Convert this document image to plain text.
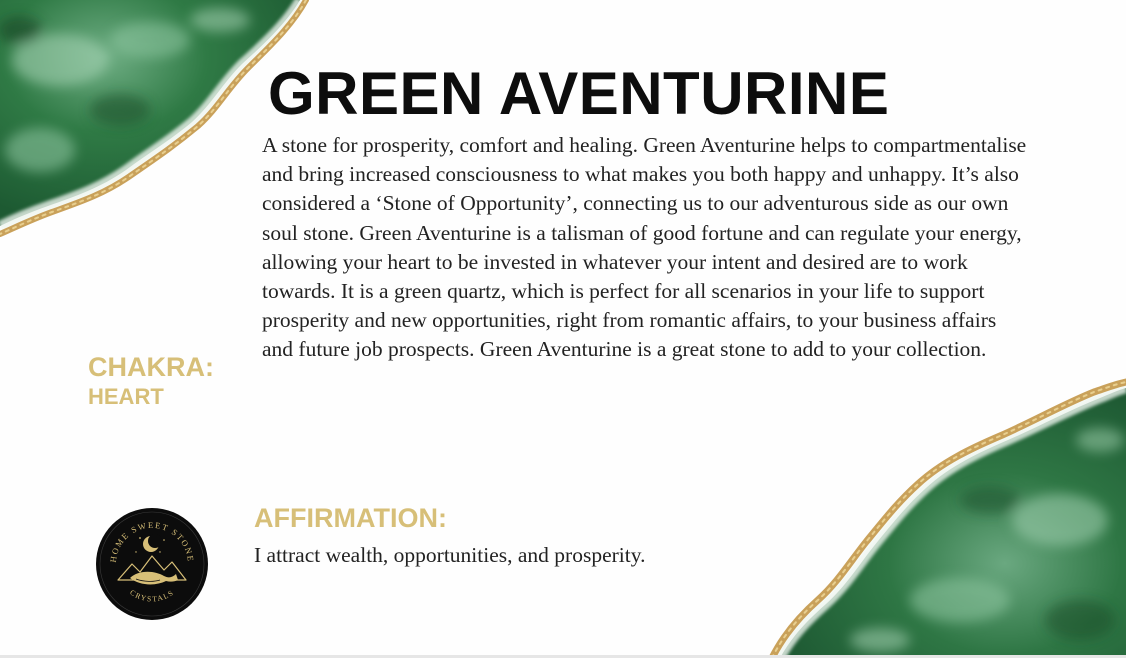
GREEN AVENTURINE

A stone for prosperity, comfort and healing. Green Aventurine helps to compartmentalise and bring increased consciousness to what makes you both happy and unhappy. It’s also considered a ‘Stone of Opportunity’, connecting us to our adventurous side as our own soul stone. Green Aventurine is a talisman of good fortune and can regulate your energy, allowing your heart to be invested in whatever your intent and desired are to work towards. It is a green quartz, which is perfect for all scenarios in your life to support prosperity and new opportunities, right from romantic affairs, to your business affairs and future job prospects. Green Aventurine is a great stone to add to your collection.

CHAKRA:
HEART
HOME SWEET STONE
CRYSTALS
AFFIRMATION:
I attract wealth, opportunities, and prosperity.
